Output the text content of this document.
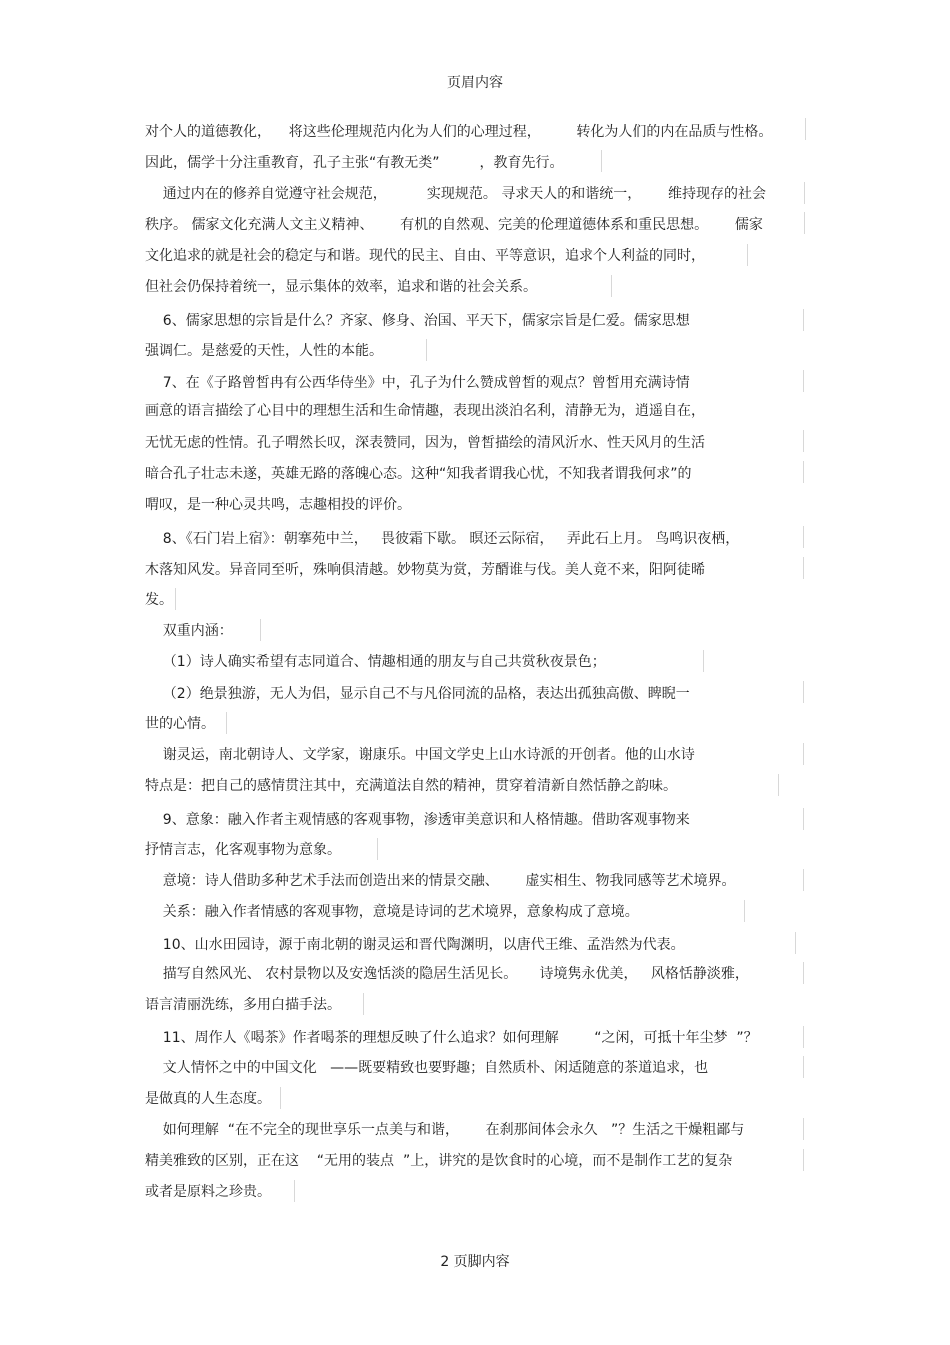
页眉内容
对个人的道德教化，    将这些伦理规范内化为人们的心理过程，        转化为人们的内在品质与性格。
因此，儒学十分注重教育，孔子主张“有教无类”         ，教育先行。
通过内在的修养自觉遵守社会规范，         实现规范。 寻求天人的和谐统一，      维持现存的社会
秩序。 儒家文化充满人文主义精神、      有机的自然观、完美的伦理道德体系和重民思想。      儒家
文化追求的就是社会的稳定与和谐。现代的民主、自由、平等意识，追求个人利益的同时，
但社会仍保持着统一，显示集体的效率，追求和谐的社会关系。
6、儒家思想的宗旨是什么？齐家、修身、治国、平天下，儒家宗旨是仁爱。儒家思想
强调仁。是慈爱的天性，人性的本能。
7、在《子路曾皙冉有公西华侍坐》中，孔子为什么赞成曾皙的观点？曾皙用充满诗情
画意的语言描绘了心目中的理想生活和生命情趣，表现出淡泊名利，清静无为，逍遥自在，
无忧无虑的性情。孔子喟然长叹，深表赞同，因为，曾皙描绘的清风沂水、性天风月的生活
暗合孔子壮志未遂，英雄无路的落魄心态。这种“知我者谓我心忧，不知我者谓我何求”的
喟叹，是一种心灵共鸣，志趣相投的评价。
8、《石门岩上宿》：朝搴苑中兰，   畏彼霜下歇。 暝还云际宿，   弄此石上月。 鸟鸣识夜栖，
木落知风发。异音同至听，殊响俱清越。妙物莫为赏，芳醑谁与伐。美人竟不来，阳阿徒晞
发。
双重内涵：
（1）诗人确实希望有志同道合、情趣相通的朋友与自己共赏秋夜景色；
（2）绝景独游，无人为侣，显示自己不与凡俗同流的品格，表达出孤独高傲、睥睨一
世的心情。
谢灵运，南北朝诗人、文学家，谢康乐。中国文学史上山水诗派的开创者。他的山水诗
特点是：把自己的感情贯注其中，充满道法自然的精神，贯穿着清新自然恬静之韵味。
9、意象：融入作者主观情感的客观事物，渗透审美意识和人格情趣。借助客观事物来
抒情言志，化客观事物为意象。
意境：诗人借助多种艺术手法而创造出来的情景交融、      虚实相生、物我同感等艺术境界。
关系：融入作者情感的客观事物，意境是诗词的艺术境界，意象构成了意境。
10、山水田园诗，源于南北朝的谢灵运和晋代陶渊明，以唐代王维、孟浩然为代表。
描写自然风光、 农村景物以及安逸恬淡的隐居生活见长。     诗境隽永优美，   风格恬静淡雅，
语言清丽洗练，多用白描手法。
11、周作人《喝茶》作者喝茶的理想反映了什么追求？如何理解        “之闲，可抵十年尘梦  ”？
文人情怀之中的中国文化   ——既要精致也要野趣；自然质朴、闲适随意的茶道追求，也
是做真的人生态度。
如何理解  “在不完全的现世享乐一点美与和谐，      在刹那间体会永久   ”？生活之干燥粗鄙与
精美雅致的区别，正在这    “无用的装点  ”上，讲究的是饮食时的心境，而不是制作工艺的复杂
或者是原料之珍贵。
2 页脚内容
